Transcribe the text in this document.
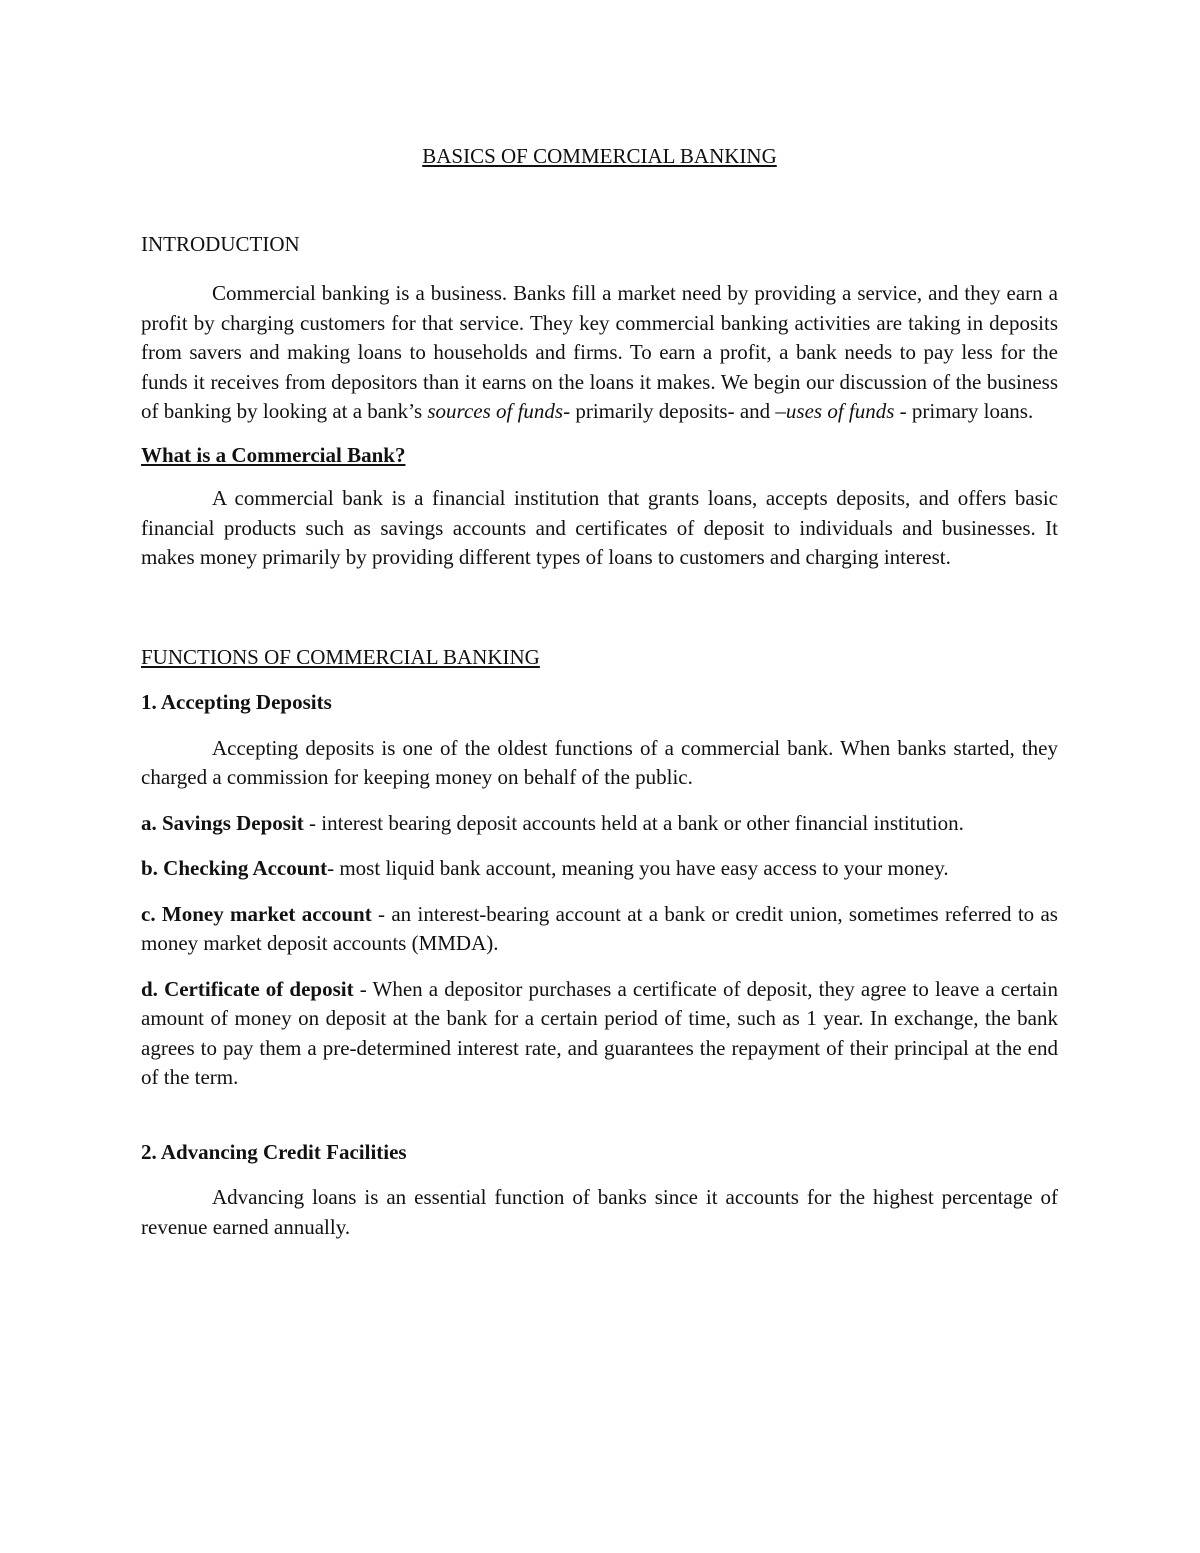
BASICS OF COMMERCIAL BANKING
INTRODUCTION

Commercial banking is a business. Banks fill a market need by providing a service, and they earn a profit by charging customers for that service. They key commercial banking activities are taking in deposits from savers and making loans to households and firms. To earn a profit, a bank needs to pay less for the funds it receives from depositors than it earns on the loans it makes. We begin our discussion of the business of banking by looking at a bank’s sources of funds- primarily deposits- and –uses of funds - primary loans.

What is a Commercial Bank?

A commercial bank is a financial institution that grants loans, accepts deposits, and offers basic financial products such as savings accounts and certificates of deposit to individuals and businesses. It makes money primarily by providing different types of loans to customers and charging interest.

FUNCTIONS OF COMMERCIAL BANKING
1. Accepting Deposits

Accepting deposits is one of the oldest functions of a commercial bank. When banks started, they charged a commission for keeping money on behalf of the public.

a. Savings Deposit - interest bearing deposit accounts held at a bank or other financial institution.

b. Checking Account- most liquid bank account, meaning you have easy access to your money.

c. Money market account - an interest-bearing account at a bank or credit union, sometimes referred to as money market deposit accounts (MMDA).

d. Certificate of deposit - When a depositor purchases a certificate of deposit, they agree to leave a certain amount of money on deposit at the bank for a certain period of time, such as 1 year. In exchange, the bank agrees to pay them a pre-determined interest rate, and guarantees the repayment of their principal at the end of the term.

2. Advancing Credit Facilities

Advancing loans is an essential function of banks since it accounts for the highest percentage of revenue earned annually.
